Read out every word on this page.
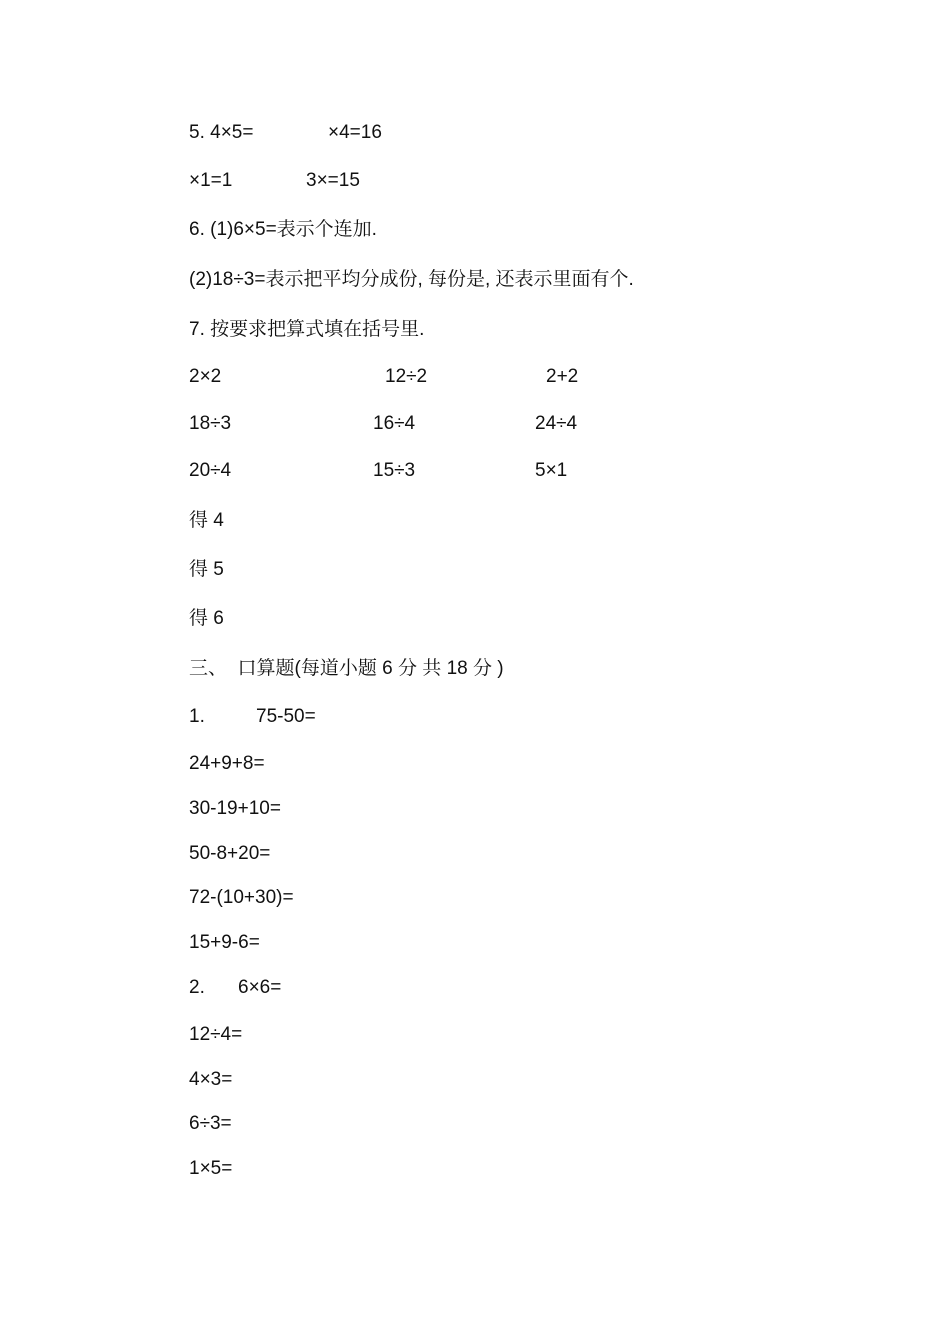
5. 4×5=	×4=16
×1=1	3×=15
6. (1)6×5=表示个连加.
(2)18÷3=表示把平均分成份, 每份是, 还表示里面有个.
7. 按要求把算式填在括号里.
2×2	12÷2	2+2
18÷3	16÷4	24÷4
20÷4	15÷3	5×1
得 4
得 5
得 6
三、  口算题(每道小题 6 分 共 18 分 )
1.	75-50=
24+9+8=
30-19+10=
50-8+20=
72-(10+30)=
15+9-6=
2. 6×6=
12÷4=
4×3=
6÷3=
1×5=
